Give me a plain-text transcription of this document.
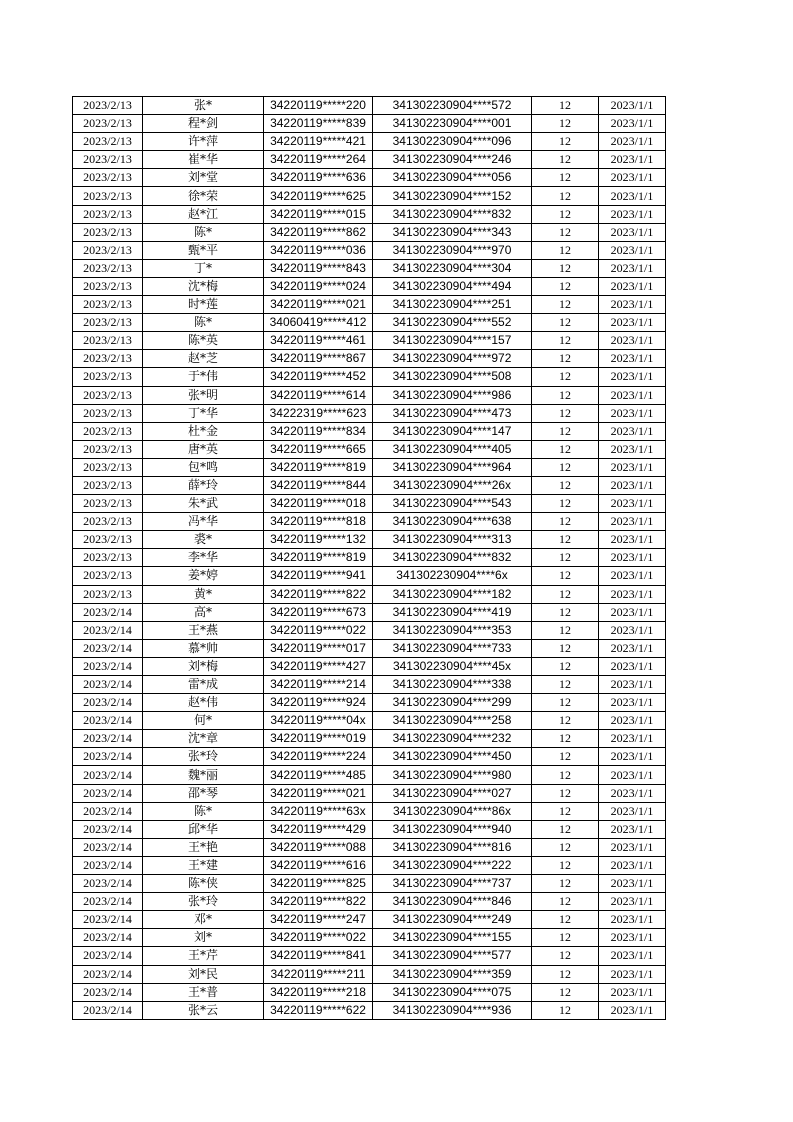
2023/2/13	张*	34220119*****220	341302230904****572	12	2023/1/1
2023/2/13	程*剑	34220119*****839	341302230904****001	12	2023/1/1
2023/2/13	许*萍	34220119*****421	341302230904****096	12	2023/1/1
2023/2/13	崔*华	34220119*****264	341302230904****246	12	2023/1/1
2023/2/13	刘*堂	34220119*****636	341302230904****056	12	2023/1/1
2023/2/13	徐*荣	34220119*****625	341302230904****152	12	2023/1/1
2023/2/13	赵*江	34220119*****015	341302230904****832	12	2023/1/1
2023/2/13	陈*	34220119*****862	341302230904****343	12	2023/1/1
2023/2/13	甄*平	34220119*****036	341302230904****970	12	2023/1/1
2023/2/13	丁*	34220119*****843	341302230904****304	12	2023/1/1
2023/2/13	沈*梅	34220119*****024	341302230904****494	12	2023/1/1
2023/2/13	时*莲	34220119*****021	341302230904****251	12	2023/1/1
2023/2/13	陈*	34060419*****412	341302230904****552	12	2023/1/1
2023/2/13	陈*英	34220119*****461	341302230904****157	12	2023/1/1
2023/2/13	赵*芝	34220119*****867	341302230904****972	12	2023/1/1
2023/2/13	于*伟	34220119*****452	341302230904****508	12	2023/1/1
2023/2/13	张*明	34220119*****614	341302230904****986	12	2023/1/1
2023/2/13	丁*华	34222319*****623	341302230904****473	12	2023/1/1
2023/2/13	杜*金	34220119*****834	341302230904****147	12	2023/1/1
2023/2/13	唐*英	34220119*****665	341302230904****405	12	2023/1/1
2023/2/13	包*鸣	34220119*****819	341302230904****964	12	2023/1/1
2023/2/13	薛*玲	34220119*****844	341302230904****26x	12	2023/1/1
2023/2/13	朱*武	34220119*****018	341302230904****543	12	2023/1/1
2023/2/13	冯*华	34220119*****818	341302230904****638	12	2023/1/1
2023/2/13	裘*	34220119*****132	341302230904****313	12	2023/1/1
2023/2/13	李*华	34220119*****819	341302230904****832	12	2023/1/1
2023/2/13	姜*婷	34220119*****941	341302230904****6x	12	2023/1/1
2023/2/13	黄*	34220119*****822	341302230904****182	12	2023/1/1
2023/2/14	高*	34220119*****673	341302230904****419	12	2023/1/1
2023/2/14	王*燕	34220119*****022	341302230904****353	12	2023/1/1
2023/2/14	慕*帅	34220119*****017	341302230904****733	12	2023/1/1
2023/2/14	刘*梅	34220119*****427	341302230904****45x	12	2023/1/1
2023/2/14	雷*成	34220119*****214	341302230904****338	12	2023/1/1
2023/2/14	赵*伟	34220119*****924	341302230904****299	12	2023/1/1
2023/2/14	何*	34220119*****04x	341302230904****258	12	2023/1/1
2023/2/14	沈*章	34220119*****019	341302230904****232	12	2023/1/1
2023/2/14	张*玲	34220119*****224	341302230904****450	12	2023/1/1
2023/2/14	魏*丽	34220119*****485	341302230904****980	12	2023/1/1
2023/2/14	邵*琴	34220119*****021	341302230904****027	12	2023/1/1
2023/2/14	陈*	34220119*****63x	341302230904****86x	12	2023/1/1
2023/2/14	邱*华	34220119*****429	341302230904****940	12	2023/1/1
2023/2/14	王*艳	34220119*****088	341302230904****816	12	2023/1/1
2023/2/14	王*建	34220119*****616	341302230904****222	12	2023/1/1
2023/2/14	陈*侠	34220119*****825	341302230904****737	12	2023/1/1
2023/2/14	张*玲	34220119*****822	341302230904****846	12	2023/1/1
2023/2/14	邓*	34220119*****247	341302230904****249	12	2023/1/1
2023/2/14	刘*	34220119*****022	341302230904****155	12	2023/1/1
2023/2/14	王*芹	34220119*****841	341302230904****577	12	2023/1/1
2023/2/14	刘*民	34220119*****211	341302230904****359	12	2023/1/1
2023/2/14	王*普	34220119*****218	341302230904****075	12	2023/1/1
2023/2/14	张*云	34220119*****622	341302230904****936	12	2023/1/1
